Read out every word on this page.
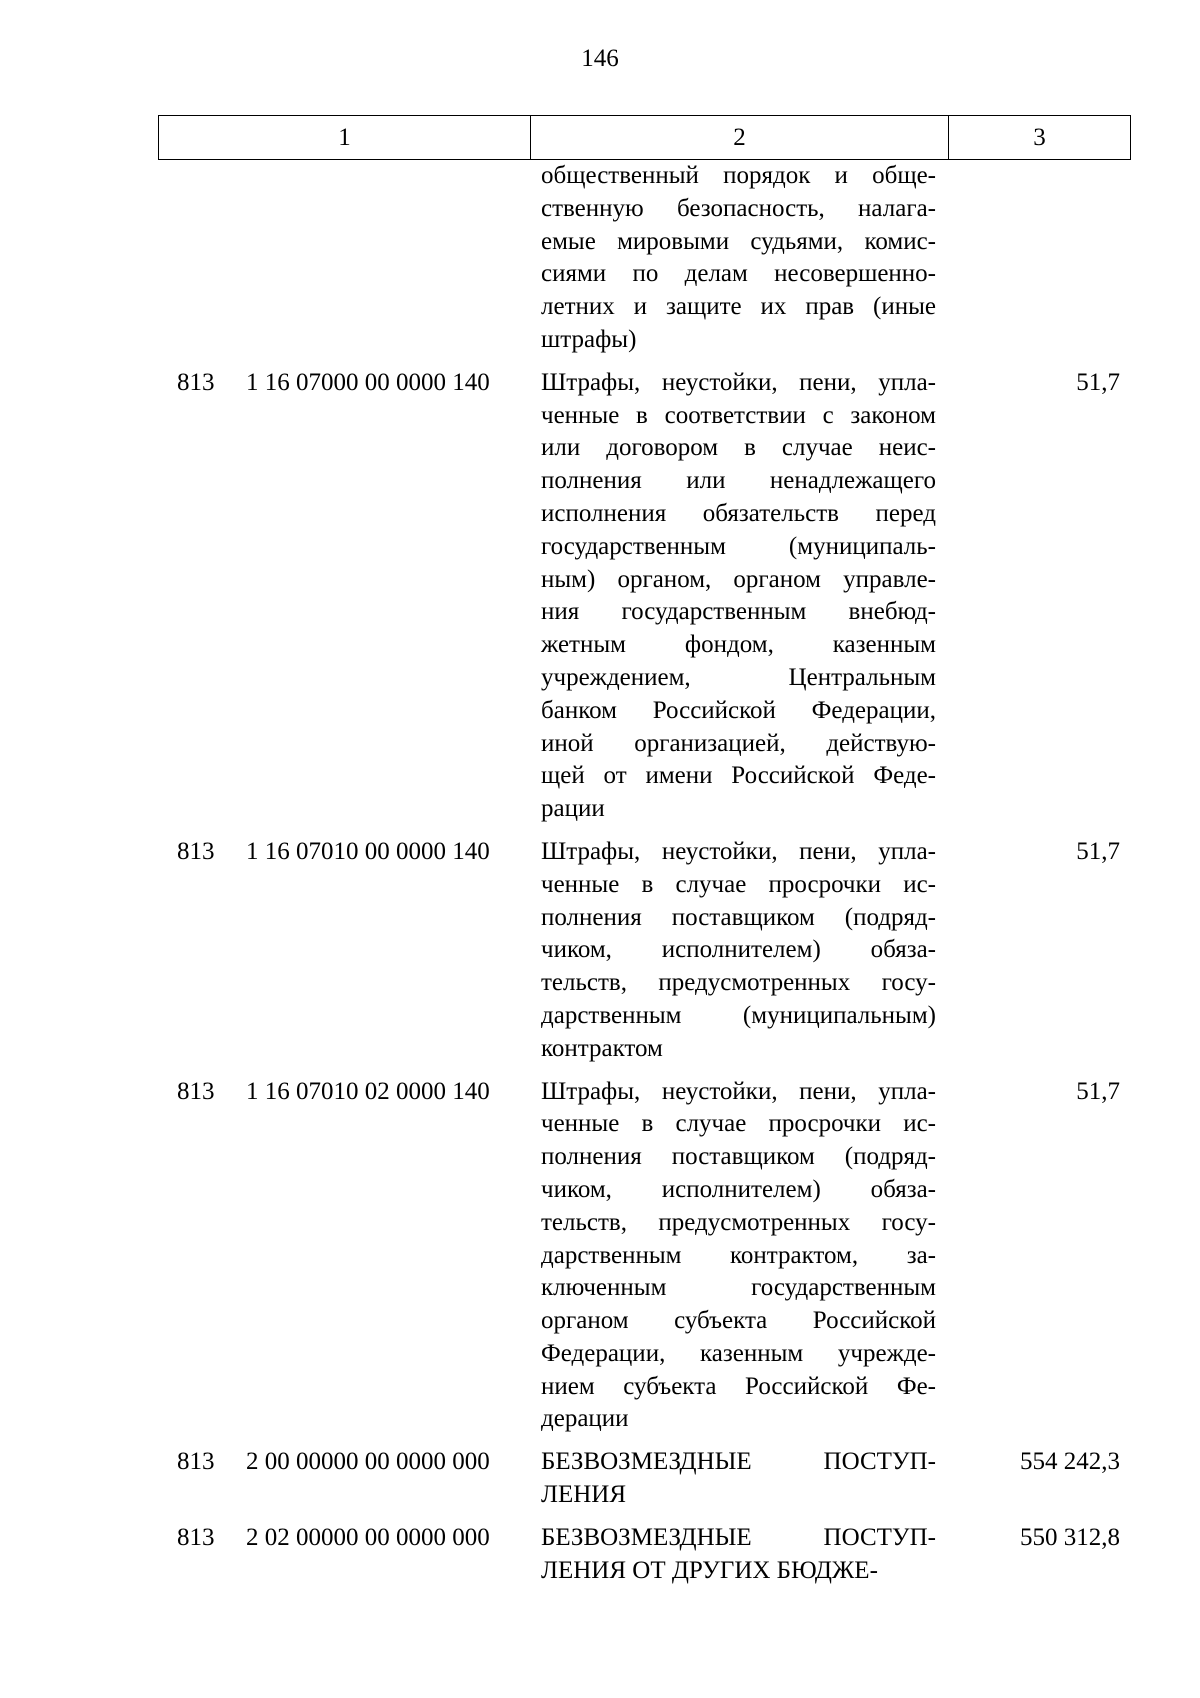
146
1	2	3
общественный порядок и обще-
ственную безопасность, налага-
емые мировыми судьями, комис-
сиями по делам несовершенно-
летних и защите их прав (иные
штрафы)
813 1 16 07000 00 0000 140 Штрафы, неустойки, пени, упла-
ченные в соответствии с законом
или договором в случае неис-
полнения или ненадлежащего
исполнения обязательств перед
государственным (муниципаль-
ным) органом, органом управле-
ния государственным внебюд-
жетным фондом, казенным
учреждением, Центральным
банком Российской Федерации,
иной организацией, действую-
щей от имени Российской Феде-
рации
51,7
813 1 16 07010 00 0000 140 Штрафы, неустойки, пени, упла-
ченные в случае просрочки ис-
полнения поставщиком (подряд-
чиком, исполнителем) обяза-
тельств, предусмотренных госу-
дарственным (муниципальным)
контрактом
51,7
813 1 16 07010 02 0000 140 Штрафы, неустойки, пени, упла-
ченные в случае просрочки ис-
полнения поставщиком (подряд-
чиком, исполнителем) обяза-
тельств, предусмотренных госу-
дарственным контрактом, за-
ключенным государственным
органом субъекта Российской
Федерации, казенным учрежде-
нием субъекта Российской Фе-
дерации
51,7
813 2 00 00000 00 0000 000 БЕЗВОЗМЕЗДНЫЕ ПОСТУП-
ЛЕНИЯ
554 242,3
813 2 02 00000 00 0000 000 БЕЗВОЗМЕЗДНЫЕ ПОСТУП-
ЛЕНИЯ ОТ ДРУГИХ БЮДЖЕ-
550 312,8
